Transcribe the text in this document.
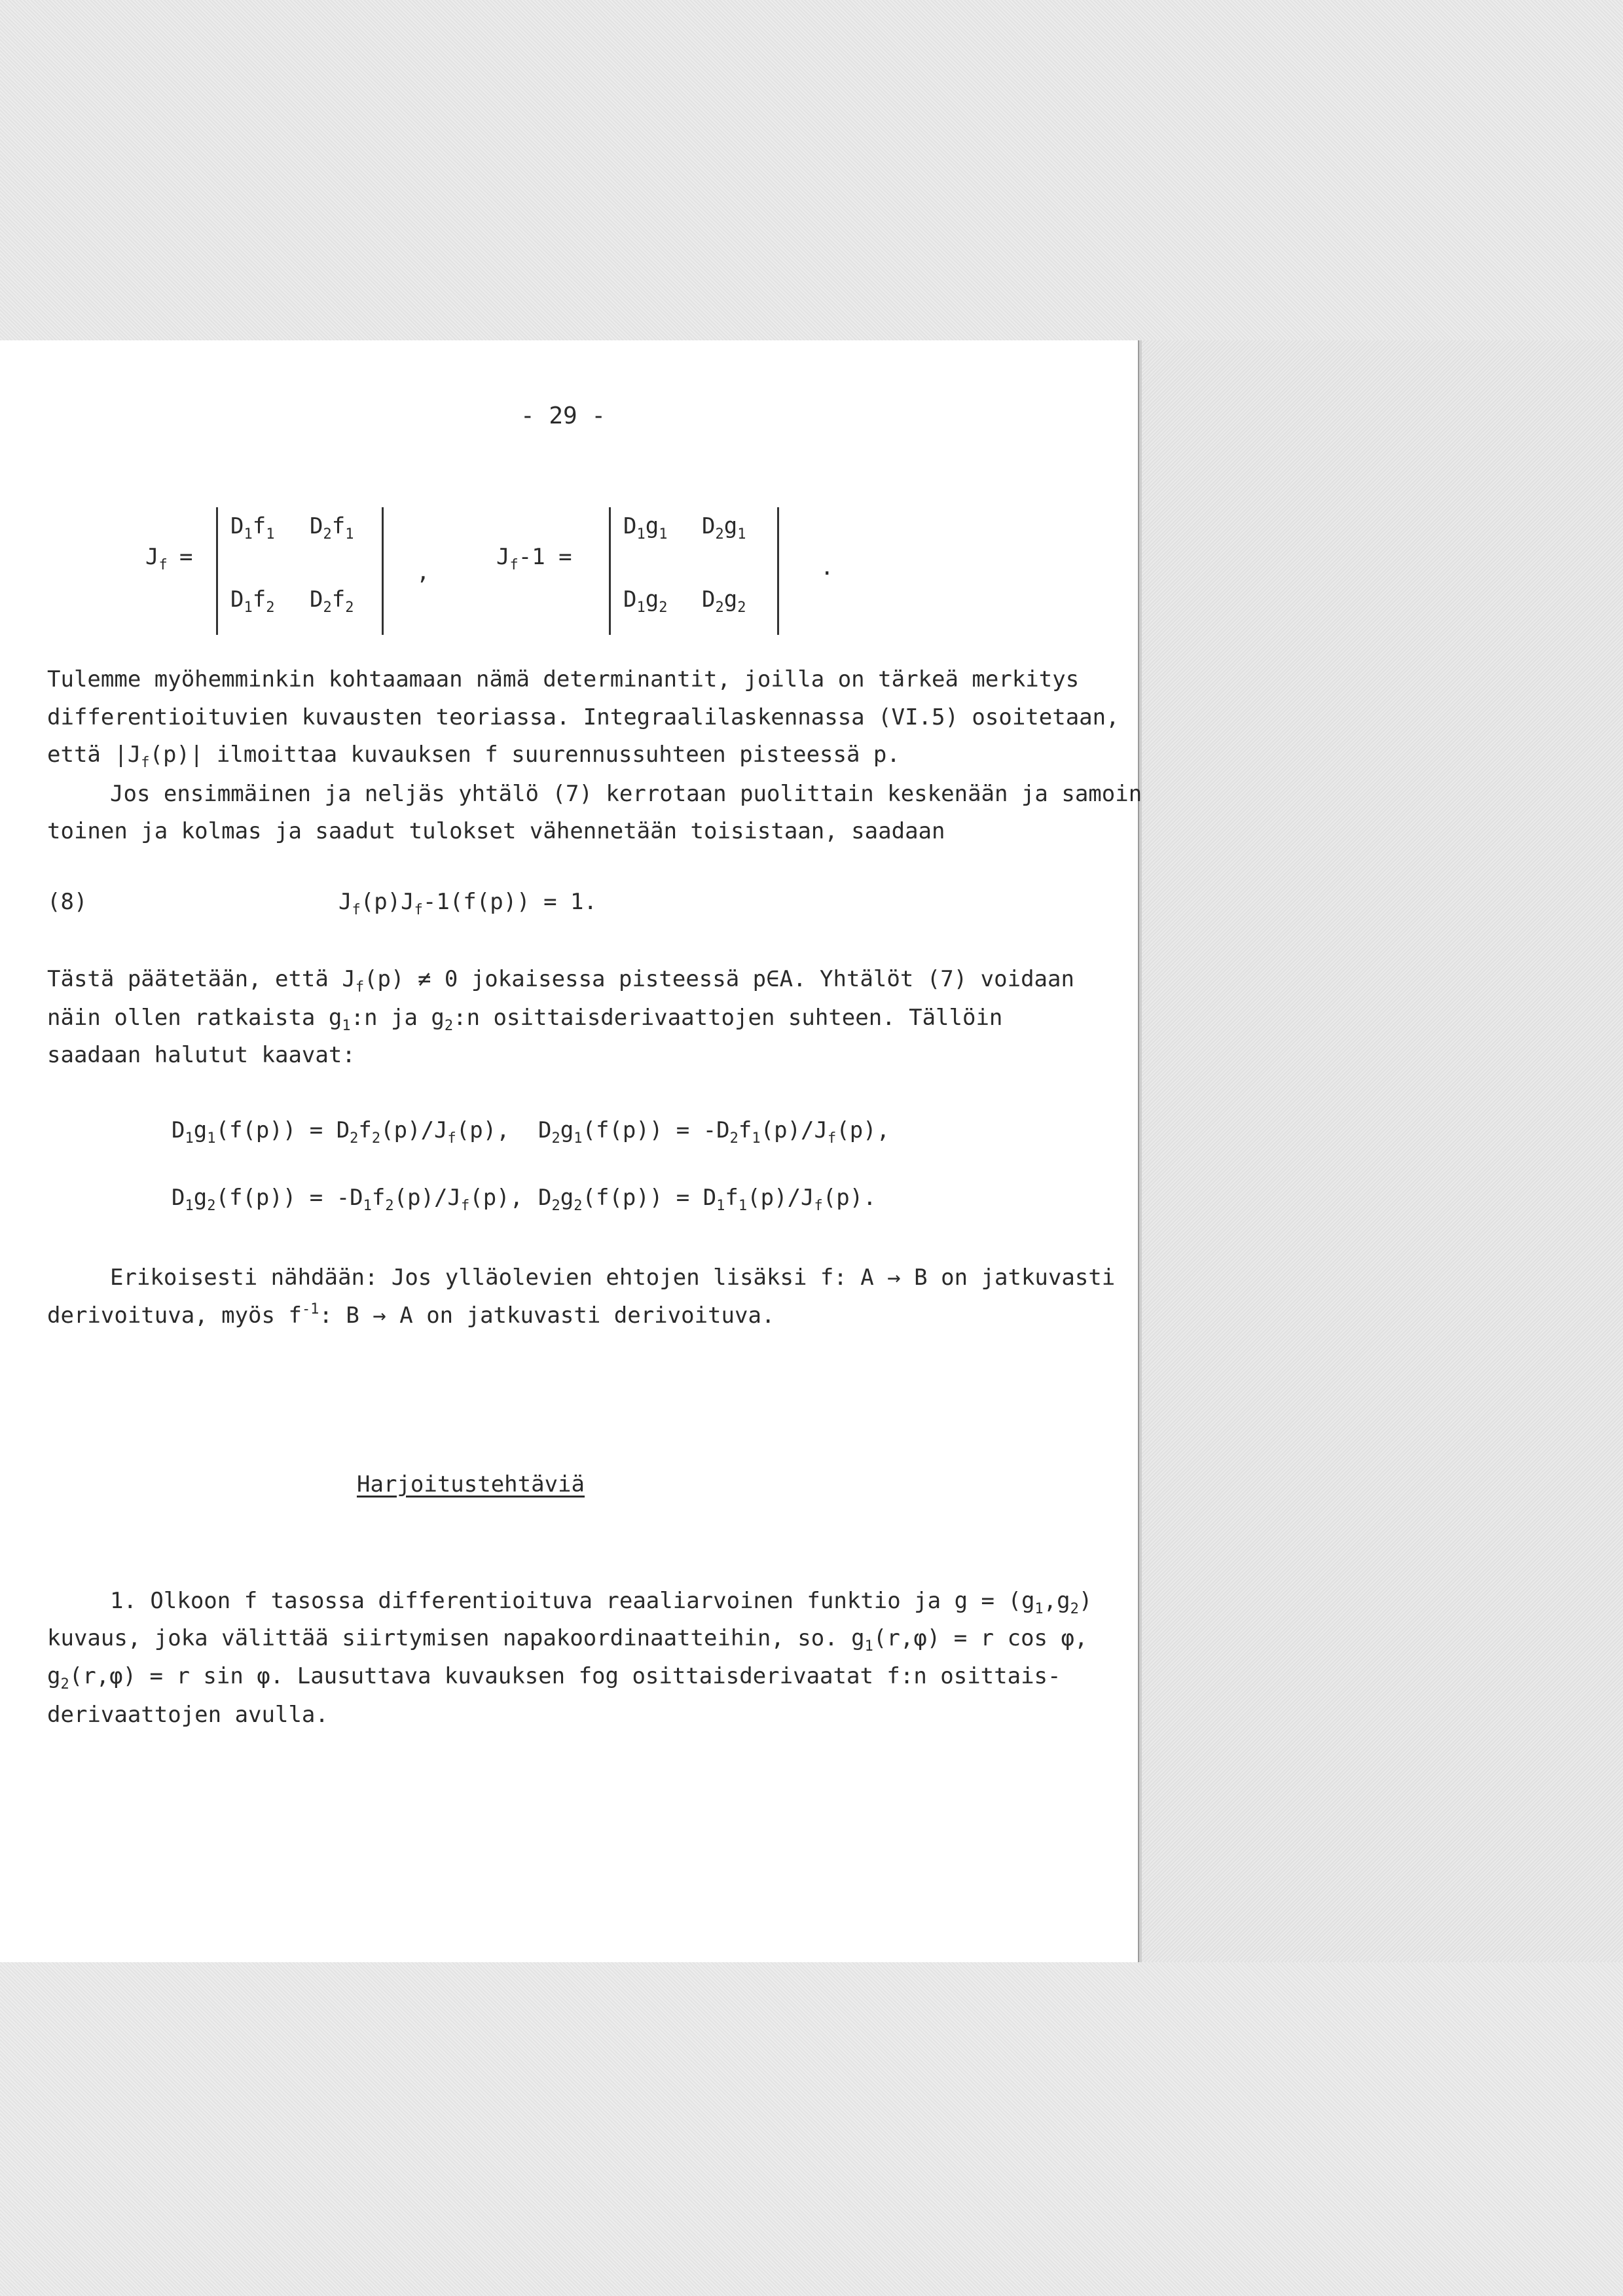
- 29 -
$J_f$ =
$D_1f_1$ $D_2f_1$
$D_1f_2$ $D_2f_2$
,
$J_f-1$ =
$D_1g_1$ $D_2g_1$
$D_1g_2$ $D_2g_2$
.
Tulemme myöhemminkin kohtaamaan nämä determinantit, joilla on tärkeä merkitys
differentioituvien kuvausten teoriassa. Integraalilaskennassa (VI.5) osoitetaan,
että $|J_f(p)|$ ilmoittaa kuvauksen f suurennussuhteen pisteessä p.
Jos ensimmäinen ja neljäs yhtälö (7) kerrotaan puolittain keskenään ja samoin
toinen ja kolmas ja saadut tulokset vähennetään toisistaan, saadaan
(8)	$J_f(p)J_f-1(f(p)) = 1$.
Tästä päätetään, että $J_f(p) \ne 0$ jokaisessa pisteessä p∈A. Yhtälöt (7) voidaan
näin ollen ratkaista $g_1:n$ ja $g_2:n$ osittaisderivaattojen suhteen. Tällöin
saadaan halutut kaavat:
$D_1g_1(f(p)) = D_2f_2(p)/J_f(p)$, $D_2g_1(f(p)) = -D_2f_1(p)/J_f(p)$,
$D_1g_2(f(p)) = -D_1f_2(p)/J_f(p)$, $D_2g_2(f(p)) = D_1f_1(p)/J_f(p)$.
Erikoisesti nähdään: Jos ylläolevien ehtojen lisäksi f: A → B on jatkuvasti
derivoituva, myös $f^{-1}$: B → A on jatkuvasti derivoituva.
Harjoitustehtäviä
1. Olkoon f tasossa differentioituva reaaliarvoinen funktio ja $g = (g_1,g_2)$
kuvaus, joka välittää siirtymisen napakoordinaatteihin, so. $g_1(r,\varphi) = r$ cos φ,
$g_2(r,\varphi) = r$ sin φ. Lausuttava kuvauksen fog osittaisderivaatat f:n osittais-
derivaattojen avulla.
